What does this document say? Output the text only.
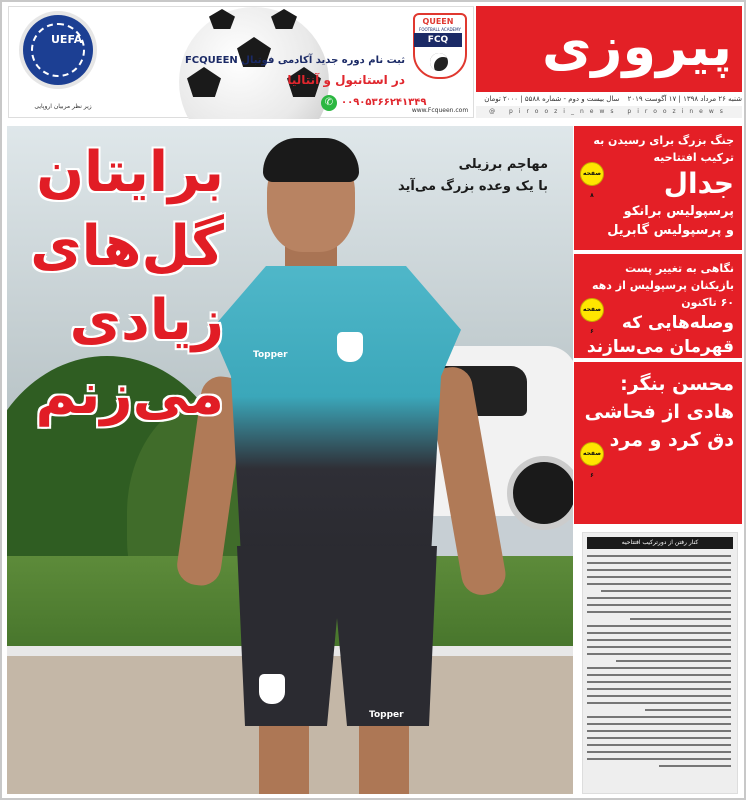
پیروزی
شنبه ۲۶ مرداد ۱۳۹۸ | ۱۷ آگوست ۲۰۱۹ سال بیست و دوم - شماره ۵۵۸۸ | ۲۰۰۰ تومان
@ piroozi_news piroozinews
UEFA
زیر نظر مربیان اروپایی
QUEEN
FOOTBALL ACADEMY
FCQ
www.Fcqueen.com
ثبت نام دوره جدید آکادمی فوتبال FCQUEEN
در استانبول و آنتالیا
✆ ۰۰۹۰۵۳۶۶۲۴۱۳۴۹
Topper
Topper
مهاجم برزیلی
با یک وعده بزرگ می‌آید
برایتان
گل‌های
زیادی
می‌زنم
جنگ بزرگ برای رسیدن به ترکیب افتتاحیه
جدال
پرسپولیس برانکو
و پرسپولیس گابریل
صفحه ۸
نگاهی به تغییر پست بازیکنان پرسپولیس از دهه ۶۰ تاکنون
وصله‌هایی که
قهرمان می‌سازند
صفحه ۶
محسن بنگر:
هادی از فحاشی
دق کرد و مرد
صفحه ۶
کنار رفتن از دورترکیب افتتاحیه
